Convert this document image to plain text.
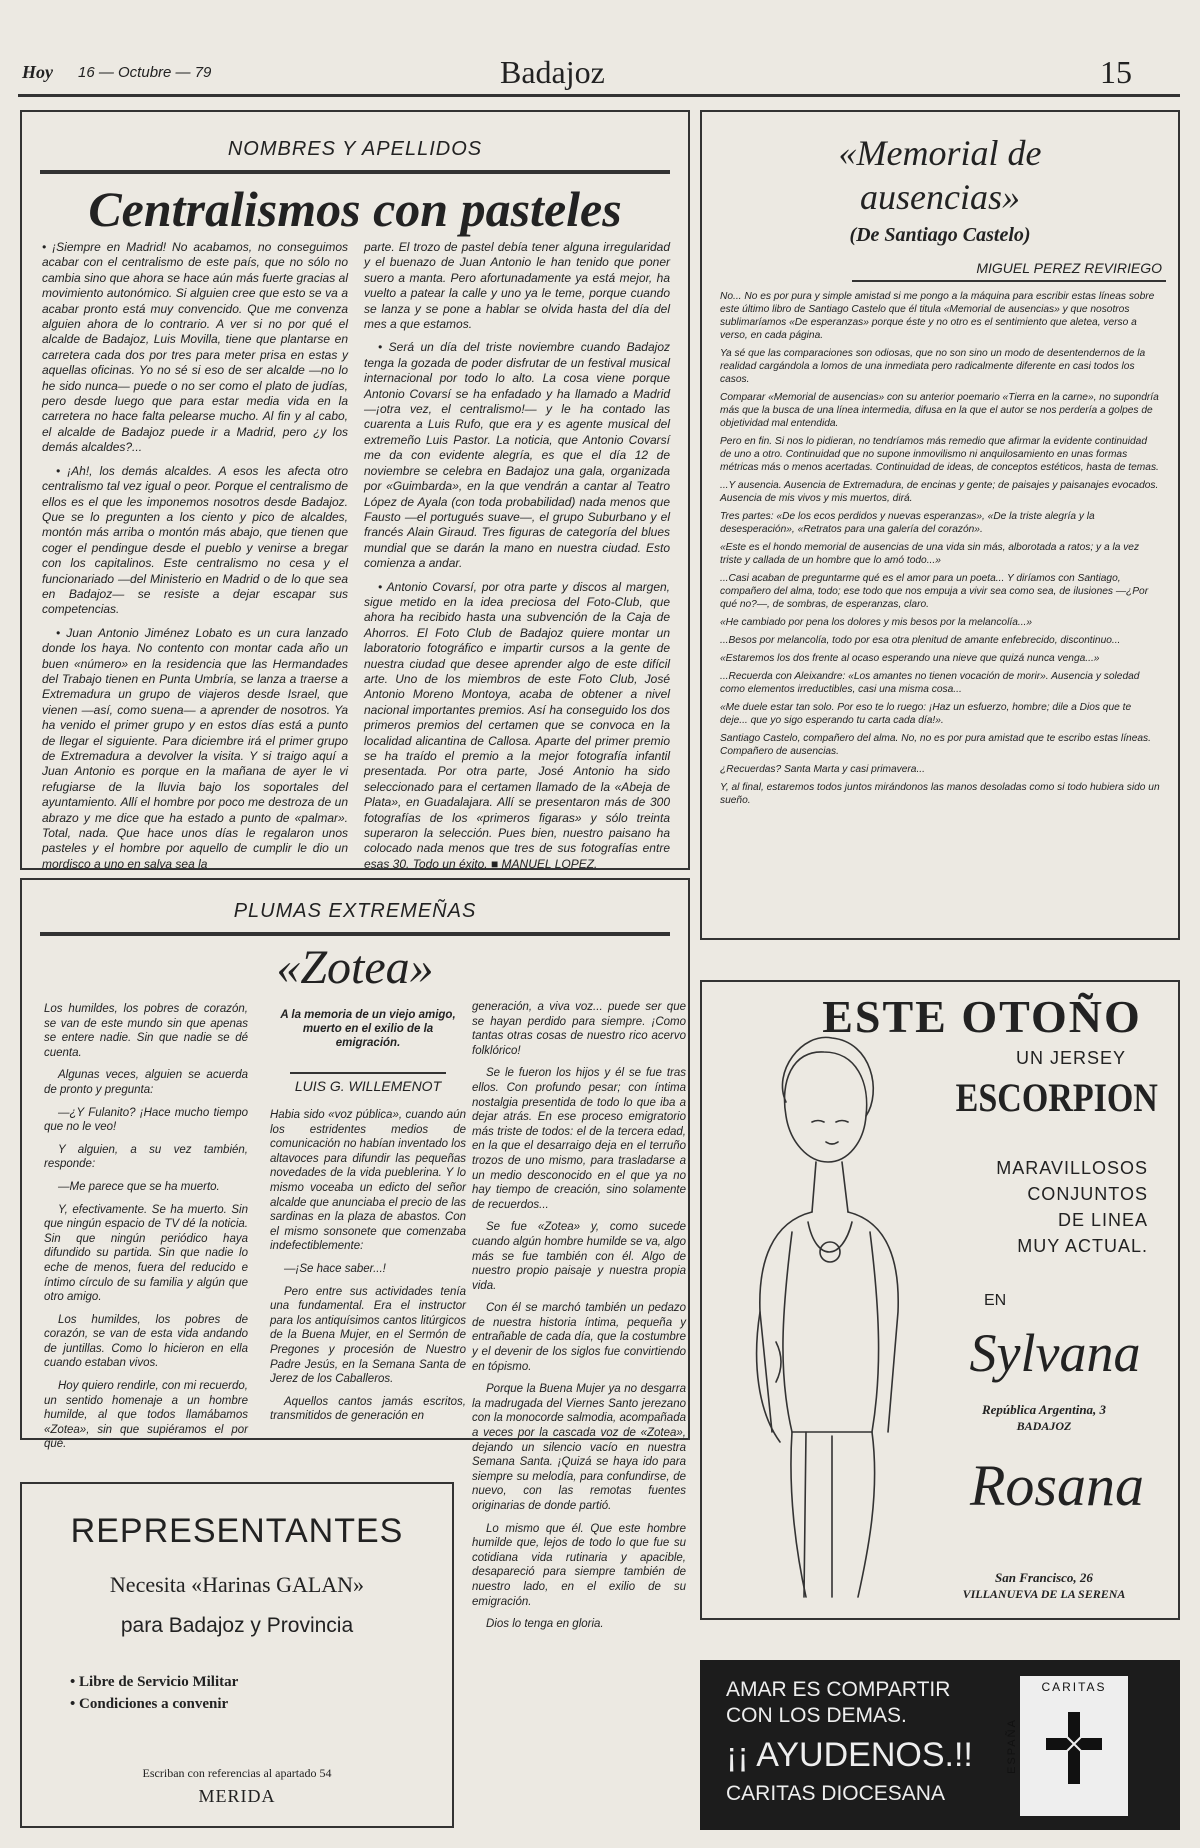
Hoy 16 — Octubre — 79	Badajoz	15
NOMBRES Y APELLIDOS
Centralismos con pasteles

• ¡Siempre en Madrid! No acabamos, no conseguimos acabar con el centralismo de este país, que no sólo no cambia sino que ahora se hace aún más fuerte gracias al movimiento autonómico. Si alguien cree que esto se va a acabar pronto está muy convencido. Que me convenza alguien ahora de lo contrario. A ver si no por qué el alcalde de Badajoz, Luis Movilla, tiene que plantarse en carretera cada dos por tres para meter prisa en estas y aquellas oficinas. Yo no sé si eso de ser alcalde —no lo he sido nunca— puede o no ser como el plato de judías, pero desde luego que para estar media vida en la carretera no hace falta pelearse mucho. Al fin y al cabo, el alcalde de Badajoz puede ir a Madrid, pero ¿y los demás alcaldes?...

• ¡Ah!, los demás alcaldes. A esos les afecta otro centralismo tal vez igual o peor. Porque el centralismo de ellos es el que les imponemos nosotros desde Badajoz. Que se lo pregunten a los ciento y pico de alcaldes, montón más arriba o montón más abajo, que tienen que coger el pendingue desde el pueblo y venirse a bregar con los capitalinos. Este centralismo no cesa y el funcionariado —del Ministerio en Madrid o de lo que sea en Badajoz— se resiste a dejar escapar sus competencias.

• Juan Antonio Jiménez Lobato es un cura lanzado donde los haya. No contento con montar cada año un buen «número» en la residencia que las Hermandades del Trabajo tienen en Punta Umbría, se lanza a traerse a Extremadura un grupo de viajeros desde Israel, que vienen —así, como suena— a aprender de nosotros. Ya ha venido el primer grupo y en estos días está a punto de llegar el siguiente. Para diciembre irá el primer grupo de Extremadura a devolver la visita. Y si traigo aquí a Juan Antonio es porque en la mañana de ayer le vi refugiarse de la lluvia bajo los soportales del ayuntamiento. Allí el hombre por poco me destroza de un abrazo y me dice que ha estado a punto de «palmar». Total, nada. Que hace unos días le regalaron unos pasteles y el hombre por aquello de cumplir le dio un mordisco a uno en salva sea la

parte. El trozo de pastel debía tener alguna irregularidad y el buenazo de Juan Antonio le han tenido que poner suero a manta. Pero afortunadamente ya está mejor, ha vuelto a patear la calle y uno ya le teme, porque cuando se lanza y se pone a hablar se olvida hasta del día del mes a que estamos.

• Será un día del triste noviembre cuando Badajoz tenga la gozada de poder disfrutar de un festival musical internacional por todo lo alto. La cosa viene porque Antonio Covarsí se ha enfadado y ha llamado a Madrid —¡otra vez, el centralismo!— y le ha contado las cuarenta a Luis Rufo, que era y es agente musical del extremeño Luis Pastor. La noticia, que Antonio Covarsí me da con evidente alegría, es que el día 12 de noviembre se celebra en Badajoz una gala, organizada por «Guimbarda», en la que vendrán a cantar al Teatro López de Ayala (con toda probabilidad) nada menos que Fausto —el portugués suave—, el grupo Suburbano y el francés Alain Giraud. Tres figuras de categoría del blues mundial que se darán la mano en nuestra ciudad. Esto comienza a andar.

• Antonio Covarsí, por otra parte y discos al margen, sigue metido en la idea preciosa del Foto-Club, que ahora ha recibido hasta una subvención de la Caja de Ahorros. El Foto Club de Badajoz quiere montar un laboratorio fotográfico e impartir cursos a la gente de nuestra ciudad que desee aprender algo de este difícil arte. Uno de los miembros de este Foto Club, José Antonio Moreno Montoya, acaba de obtener a nivel nacional importantes premios. Así ha conseguido los dos primeros premios del certamen que se convoca en la localidad alicantina de Callosa. Aparte del primer premio se ha traído el premio a la mejor fotografía infantil presentada. Por otra parte, José Antonio ha sido seleccionado para el certamen llamado de la «Abeja de Plata», en Guadalajara. Allí se presentaron más de 300 fotografías de los «primeros figaras» y sólo treinta superaron la selección. Pues bien, nuestro paisano ha colocado nada menos que tres de sus fotografías entre esas 30. Todo un éxito. ■ MANUEL LOPEZ.

«Memorial de
ausencias»
(De Santiago Castelo)
MIGUEL PEREZ REVIRIEGO

No... No es por pura y simple amistad si me pongo a la máquina para escribir estas líneas sobre este último libro de Santiago Castelo que él titula «Memorial de ausencias» y que nosotros sublimaríamos «De esperanzas» porque éste y no otro es el sentimiento que aletea, verso a verso, en cada página.

Ya sé que las comparaciones son odiosas, que no son sino un modo de desentendernos de la realidad cargándola a lomos de una inmediata pero radicalmente diferente en casi todos los casos.

Comparar «Memorial de ausencias» con su anterior poemario «Tierra en la carne», no supondría más que la busca de una línea intermedia, difusa en la que el autor se nos perdería a golpes de objetividad mal entendida.

Pero en fin. Si nos lo pidieran, no tendríamos más remedio que afirmar la evidente continuidad de uno a otro. Continuidad que no supone inmovilismo ni anquilosamiento en unas formas métricas más o menos acertadas. Continuidad de ideas, de conceptos estéticos, hasta de temas.

...Y ausencia. Ausencia de Extremadura, de encinas y gente; de paisajes y paisanajes evocados. Ausencia de mis vivos y mis muertos, dirá.

Tres partes: «De los ecos perdidos y nuevas esperanzas», «De la triste alegría y la desesperación», «Retratos para una galería del corazón».

«Este es el hondo memorial de ausencias de una vida sin más, alborotada a ratos; y a la vez triste y callada de un hombre que lo amó todo...»

...Casi acaban de preguntarme qué es el amor para un poeta... Y diríamos con Santiago, compañero del alma, todo; ese todo que nos empuja a vivir sea como sea, de ilusiones —¿Por qué no?—, de sombras, de esperanzas, claro.

«He cambiado por pena los dolores y mis besos por la melancolía...»

...Besos por melancolía, todo por esa otra plenitud de amante enfebrecido, discontinuo...

«Estaremos los dos frente al ocaso esperando una nieve que quizá nunca venga...»

...Recuerda con Aleixandre: «Los amantes no tienen vocación de morir». Ausencia y soledad como elementos irreductibles, casi una misma cosa...

«Me duele estar tan solo. Por eso te lo ruego: ¡Haz un esfuerzo, hombre; dile a Dios que te deje... que yo sigo esperando tu carta cada día!».

Santiago Castelo, compañero del alma. No, no es por pura amistad que te escribo estas líneas. Compañero de ausencias.

¿Recuerdas? Santa Marta y casi primavera...

Y, al final, estaremos todos juntos mirándonos las manos desoladas como si todo hubiera sido un sueño.

PLUMAS EXTREMEÑAS
«Zotea»

Los humildes, los pobres de corazón, se van de este mundo sin que apenas se entere nadie. Sin que nadie se dé cuenta.

Algunas veces, alguien se acuerda de pronto y pregunta:

—¿Y Fulanito? ¡Hace mucho tiempo que no le veo!

Y alguien, a su vez también, responde:

—Me parece que se ha muerto.

Y, efectivamente. Se ha muerto. Sin que ningún espacio de TV dé la noticia. Sin que ningún periódico haya difundido su partida. Sin que nadie lo eche de menos, fuera del reducido e íntimo círculo de su familia y algún que otro amigo.

Los humildes, los pobres de corazón, se van de esta vida andando de juntillas. Como lo hicieron en ella cuando estaban vivos.

Hoy quiero rendirle, con mi recuerdo, un sentido homenaje a un hombre humilde, al que todos llamábamos «Zotea», sin que supiéramos el por qué.

A la memoria de un viejo amigo, muerto en el exilio de la emigración.
LUIS G. WILLEMENOT

Habia sido «voz pública», cuando aún los estridentes medios de comunicación no habían inventado los altavoces para difundir las pequeñas novedades de la vida pueblerina. Y lo mismo voceaba un edicto del señor alcalde que anunciaba el precio de las sardinas en la plaza de abastos. Con el mismo sonsonete que comenzaba indefectiblemente:

—¡Se hace saber...!

Pero entre sus actividades tenía una fundamental. Era el instructor para los antiquísimos cantos litúrgicos de la Buena Mujer, en el Sermón de Pregones y procesión de Nuestro Padre Jesús, en la Semana Santa de Jerez de los Caballeros.

Aquellos cantos jamás escritos, transmitidos de generación en

generación, a viva voz... puede ser que se hayan perdido para siempre. ¡Como tantas otras cosas de nuestro rico acervo folklórico!

Se le fueron los hijos y él se fue tras ellos. Con profundo pesar; con íntima nostalgia presentida de todo lo que iba a dejar atrás. En ese proceso emigratorio más triste de todos: el de la tercera edad, en la que el desarraigo deja en el terruño trozos de uno mismo, para trasladarse a un medio desconocido en el que ya no hay tiempo de creación, sino solamente de recuerdos...

Se fue «Zotea» y, como sucede cuando algún hombre humilde se va, algo más se fue también con él. Algo de nuestro propio paisaje y nuestra propia vida.

Con él se marchó también un pedazo de nuestra historia íntima, pequeña y entrañable de cada día, que la costumbre y el devenir de los siglos fue convirtiendo en tópismo.

Porque la Buena Mujer ya no desgarra la madrugada del Viernes Santo jerezano con la monocorde salmodia, acompañada a veces por la cascada voz de «Zotea», dejando un silencio vacío en nuestra Semana Santa. ¡Quizá se haya ido para siempre su melodía, para confundirse, de nuevo, con las remotas fuentes originarias de donde partió.

Lo mismo que él. Que este hombre humilde que, lejos de todo lo que fue su cotidiana vida rutinaria y apacible, desapareció para siempre también de nuestro lado, en el exilio de su emigración.

Dios lo tenga en gloria.

REPRESENTANTES
Necesita «Harinas GALAN»
para Badajoz y Provincia
• Libre de Servicio Militar
• Condiciones a convenir
Escriban con referencias al apartado 54
MERIDA
ESTE OTOÑO
UN JERSEY
ESCORPION
MARAVILLOSOS
CONJUNTOS
DE LINEA
MUY ACTUAL.
EN
Sylvana
República Argentina, 3
BADAJOZ
Rosana
San Francisco, 26
VILLANUEVA DE LA SERENA
AMAR ES COMPARTIR
CON LOS DEMAS.
¡¡ AYUDENOS.!!
CARITAS DIOCESANA
CARITAS
ESPAÑA
